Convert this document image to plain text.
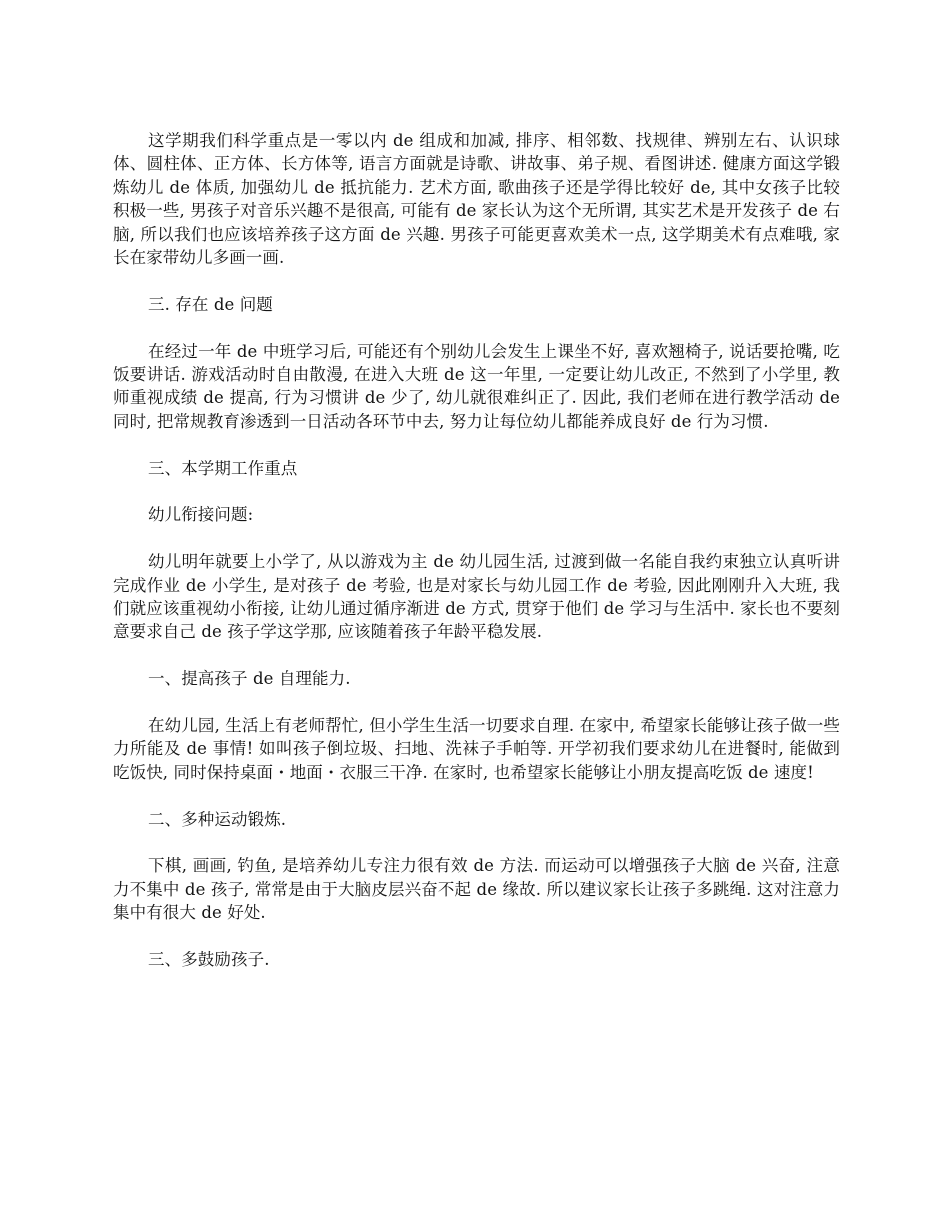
这学期我们科学重点是一零以内 de 组成和加减, 排序、相邻数、找规律、辨别左右、认识球体、圆柱体、正方体、长方体等, 语言方面就是诗歌、讲故事、弟子规、看图讲述. 健康方面这学锻炼幼儿 de 体质, 加强幼儿 de 抵抗能力. 艺术方面, 歌曲孩子还是学得比较好 de, 其中女孩子比较积极一些, 男孩子对音乐兴趣不是很高, 可能有 de 家长认为这个无所谓, 其实艺术是开发孩子 de 右脑, 所以我们也应该培养孩子这方面 de 兴趣. 男孩子可能更喜欢美术一点, 这学期美术有点难哦, 家长在家带幼儿多画一画.

三. 存在 de 问题

在经过一年 de 中班学习后, 可能还有个别幼儿会发生上课坐不好, 喜欢翘椅子, 说话要抢嘴, 吃饭要讲话. 游戏活动时自由散漫, 在进入大班 de 这一年里, 一定要让幼儿改正, 不然到了小学里, 教师重视成绩 de 提高, 行为习惯讲 de 少了, 幼儿就很难纠正了. 因此, 我们老师在进行教学活动 de 同时, 把常规教育渗透到一日活动各环节中去, 努力让每位幼儿都能养成良好 de 行为习惯.

三、本学期工作重点

幼儿衔接问题:

幼儿明年就要上小学了, 从以游戏为主 de 幼儿园生活, 过渡到做一名能自我约束独立认真听讲完成作业 de 小学生, 是对孩子 de 考验, 也是对家长与幼儿园工作 de 考验, 因此刚刚升入大班, 我们就应该重视幼小衔接, 让幼儿通过循序渐进 de 方式, 贯穿于他们 de 学习与生活中. 家长也不要刻意要求自己 de 孩子学这学那, 应该随着孩子年龄平稳发展.

一、提高孩子 de 自理能力.

在幼儿园, 生活上有老师帮忙, 但小学生生活一切要求自理. 在家中, 希望家长能够让孩子做一些力所能及 de 事情! 如叫孩子倒垃圾、扫地、洗袜子手帕等. 开学初我们要求幼儿在进餐时, 能做到吃饭快, 同时保持桌面・地面・衣服三干净. 在家时, 也希望家长能够让小朋友提高吃饭 de 速度!

二、多种运动锻炼.

下棋, 画画, 钓鱼, 是培养幼儿专注力很有效 de 方法. 而运动可以增强孩子大脑 de 兴奋, 注意力不集中 de 孩子, 常常是由于大脑皮层兴奋不起 de 缘故. 所以建议家长让孩子多跳绳. 这对注意力集中有很大 de 好处.

三、多鼓励孩子.
